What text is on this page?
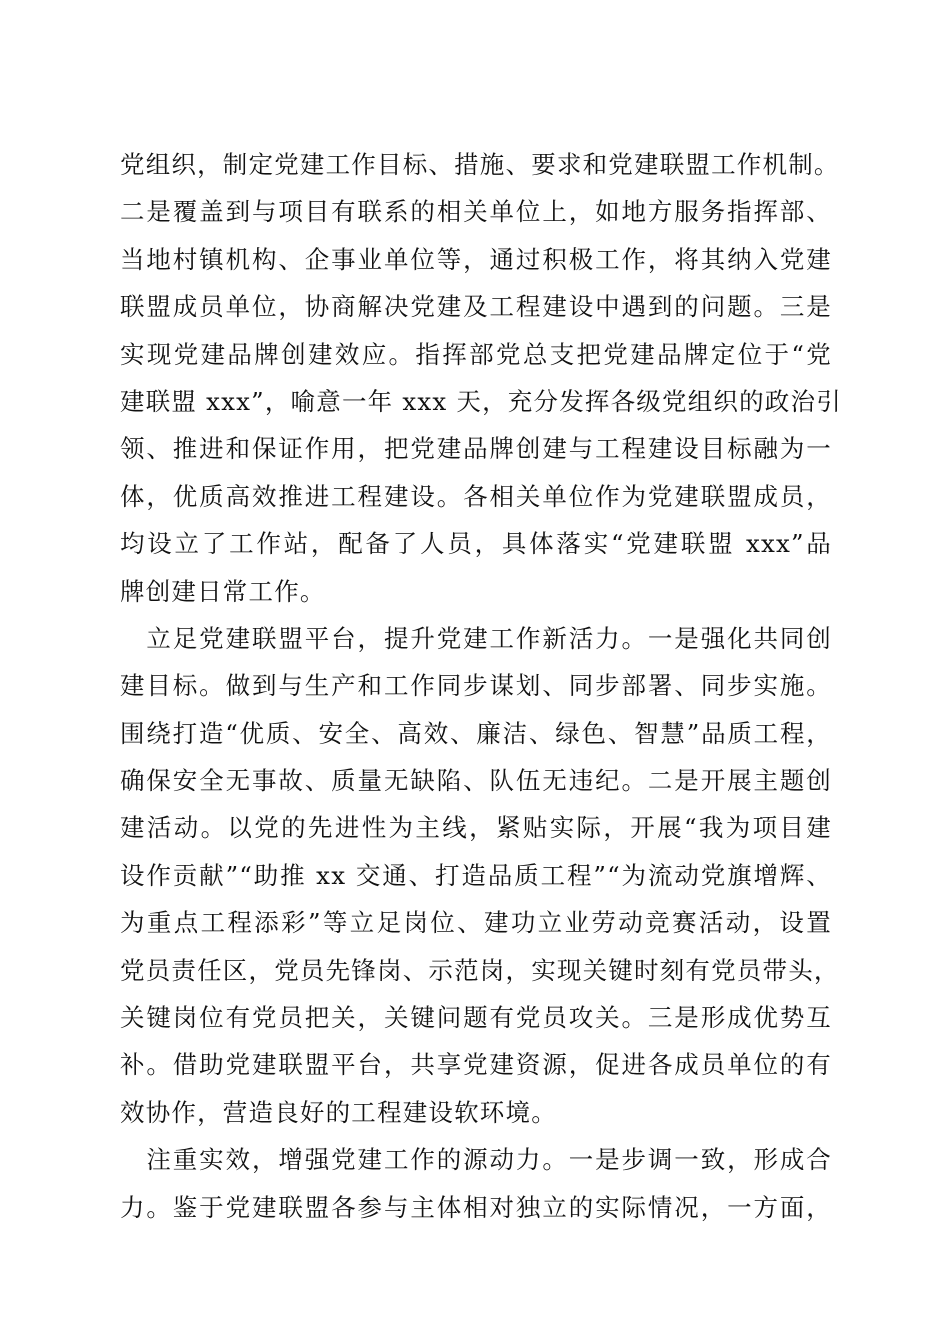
党组织，制定党建工作目标、措施、要求和党建联盟工作机制。
二是覆盖到与项目有联系的相关单位上，如地方服务指挥部、
当地村镇机构、企事业单位等，通过积极工作，将其纳入党建
联盟成员单位，协商解决党建及工程建设中遇到的问题。三是
实现党建品牌创建效应。指挥部党总支把党建品牌定位于“党
建联盟 xxx”，喻意一年 xxx 天，充分发挥各级党组织的政治引
领、推进和保证作用，把党建品牌创建与工程建设目标融为一
体，优质高效推进工程建设。各相关单位作为党建联盟成员，
均设立了工作站，配备了人员，具体落实“党建联盟 xxx”品
牌创建日常工作。
　立足党建联盟平台，提升党建工作新活力。一是强化共同创
建目标。做到与生产和工作同步谋划、同步部署、同步实施。
围绕打造“优质、安全、高效、廉洁、绿色、智慧”品质工程，
确保安全无事故、质量无缺陷、队伍无违纪。二是开展主题创
建活动。以党的先进性为主线，紧贴实际，开展“我为项目建
设作贡献”“助推 xx 交通、打造品质工程”“为流动党旗增辉、
为重点工程添彩”等立足岗位、建功立业劳动竞赛活动，设置
党员责任区，党员先锋岗、示范岗，实现关键时刻有党员带头，
关键岗位有党员把关，关键问题有党员攻关。三是形成优势互
补。借助党建联盟平台，共享党建资源，促进各成员单位的有
效协作，营造良好的工程建设软环境。
　注重实效，增强党建工作的源动力。一是步调一致，形成合
力。鉴于党建联盟各参与主体相对独立的实际情况，一方面，
